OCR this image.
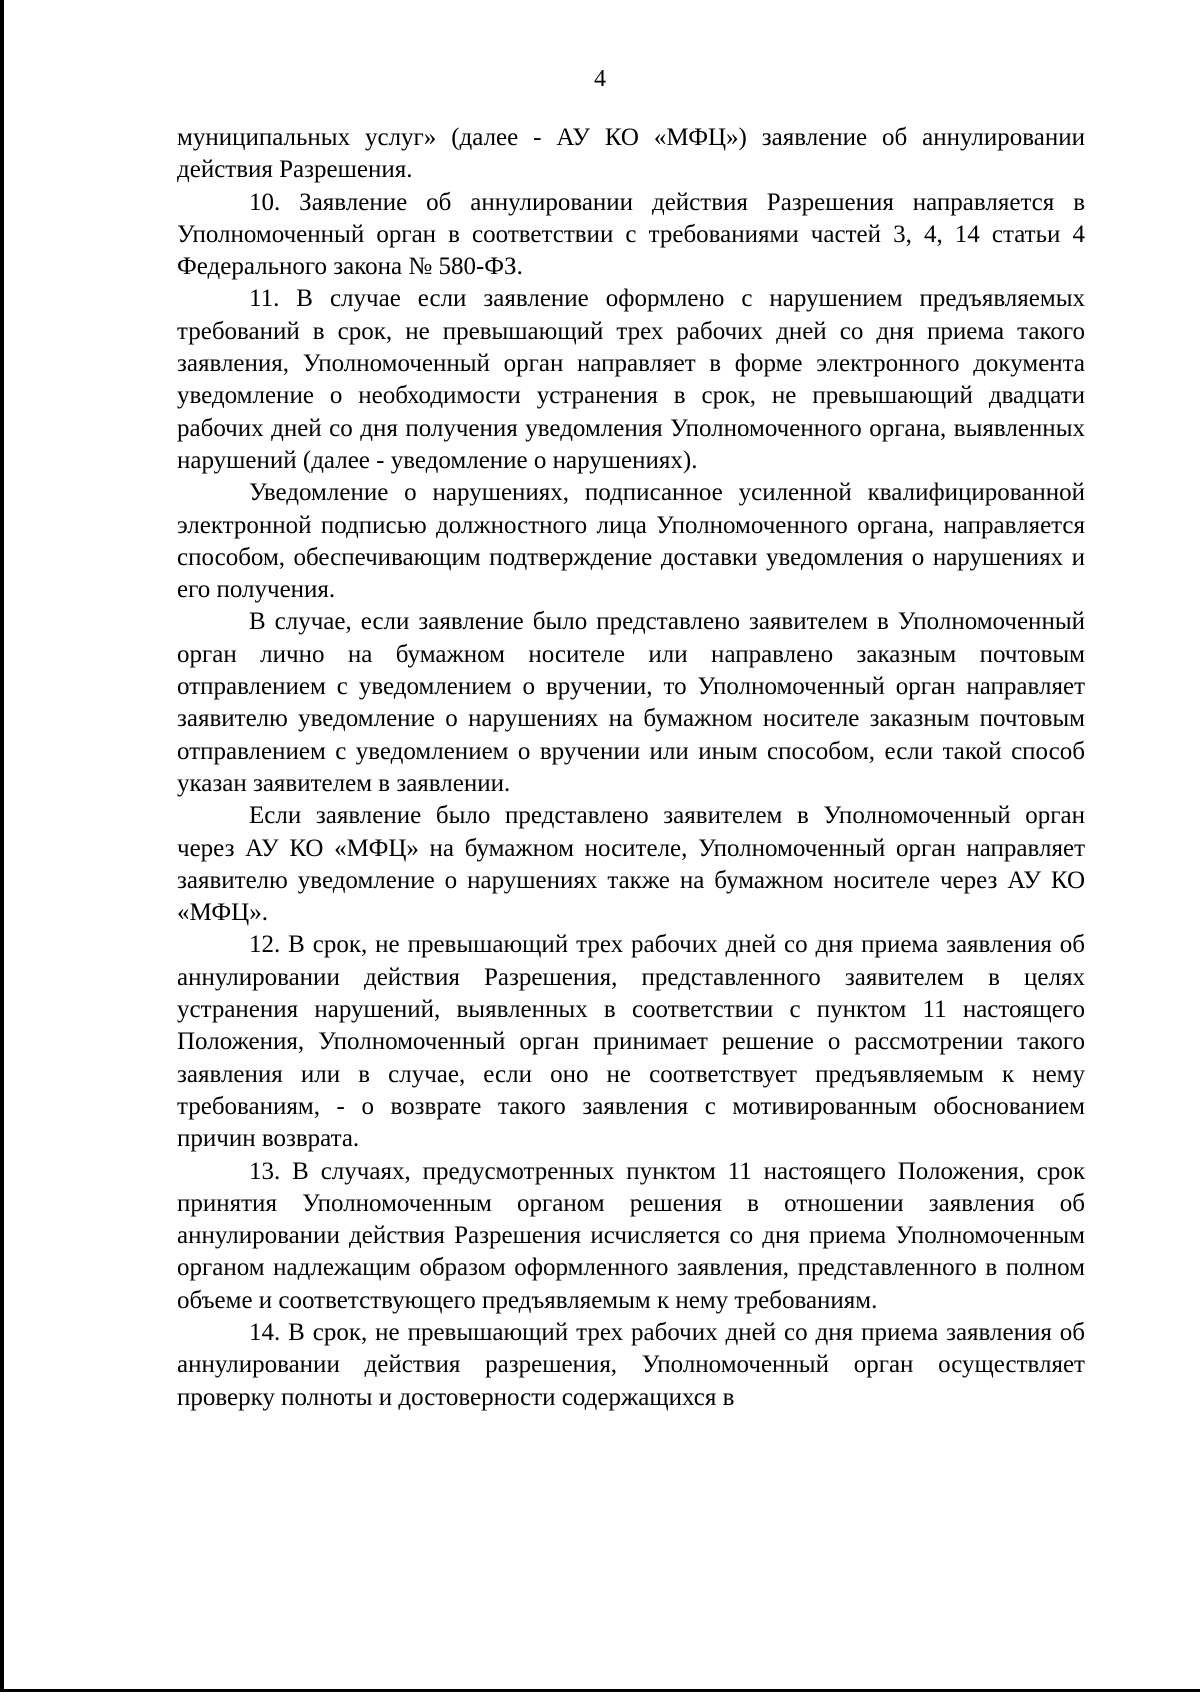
4

муниципальных услуг» (далее - АУ КО «МФЦ») заявление об аннулировании действия Разрешения.

10. Заявление об аннулировании действия Разрешения направляется в Уполномоченный орган в соответствии с требованиями частей 3, 4, 14 статьи 4 Федерального закона № 580-ФЗ.

11. В случае если заявление оформлено с нарушением предъявляемых требований в срок, не превышающий трех рабочих дней со дня приема такого заявления, Уполномоченный орган направляет в форме электронного документа уведомление о необходимости устранения в срок, не превышающий двадцати рабочих дней со дня получения уведомления Уполномоченного органа, выявленных нарушений (далее - уведомление о нарушениях).

Уведомление о нарушениях, подписанное усиленной квалифицированной электронной подписью должностного лица Уполномоченного органа, направляется способом, обеспечивающим подтверждение доставки уведомления о нарушениях и его получения.

В случае, если заявление было представлено заявителем в Уполномоченный орган лично на бумажном носителе или направлено заказным почтовым отправлением с уведомлением о вручении, то Уполномоченный орган направляет заявителю уведомление о нарушениях на бумажном носителе заказным почтовым отправлением с уведомлением о вручении или иным способом, если такой способ указан заявителем в заявлении.

Если заявление было представлено заявителем в Уполномоченный орган через АУ КО «МФЦ» на бумажном носителе, Уполномоченный орган направляет заявителю уведомление о нарушениях также на бумажном носителе через АУ КО «МФЦ».

12. В срок, не превышающий трех рабочих дней со дня приема заявления об аннулировании действия Разрешения, представленного заявителем в целях устранения нарушений, выявленных в соответствии с пунктом 11 настоящего Положения, Уполномоченный орган принимает решение о рассмотрении такого заявления или в случае, если оно не соответствует предъявляемым к нему требованиям, - о возврате такого заявления с мотивированным обоснованием причин возврата.

13. В случаях, предусмотренных пунктом 11 настоящего Положения, срок принятия Уполномоченным органом решения в отношении заявления об аннулировании действия Разрешения исчисляется со дня приема Уполномоченным органом надлежащим образом оформленного заявления, представленного в полном объеме и соответствующего предъявляемым к нему требованиям.

14. В срок, не превышающий трех рабочих дней со дня приема заявления об аннулировании действия разрешения, Уполномоченный орган осуществляет проверку полноты и достоверности содержащихся в
